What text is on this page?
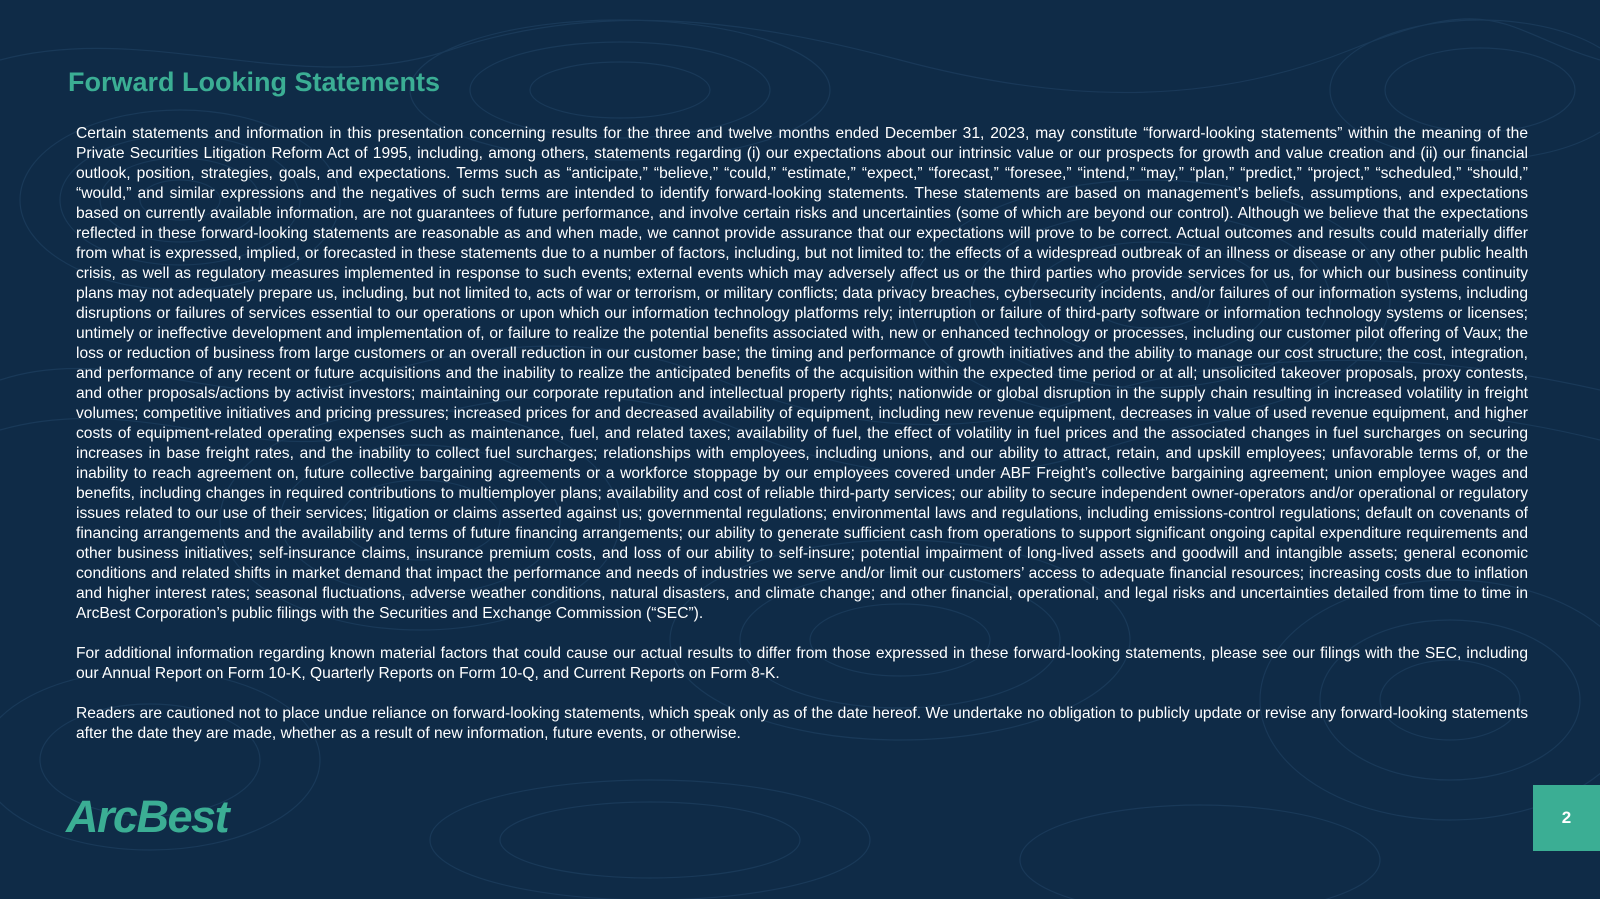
Forward Looking Statements

Certain statements and information in this presentation concerning results for the three and twelve months ended December 31, 2023, may constitute “forward-looking statements” within the meaning of the Private Securities Litigation Reform Act of 1995, including, among others, statements regarding (i) our expectations about our intrinsic value or our prospects for growth and value creation and (ii) our financial outlook, position, strategies, goals, and expectations. Terms such as “anticipate,” “believe,” “could,” “estimate,” “expect,” “forecast,” “foresee,” “intend,” “may,” “plan,” “predict,” “project,” “scheduled,” “should,” “would,” and similar expressions and the negatives of such terms are intended to identify forward-looking statements. These statements are based on management’s beliefs, assumptions, and expectations based on currently available information, are not guarantees of future performance, and involve certain risks and uncertainties (some of which are beyond our control). Although we believe that the expectations reflected in these forward-looking statements are reasonable as and when made, we cannot provide assurance that our expectations will prove to be correct. Actual outcomes and results could materially differ from what is expressed, implied, or forecasted in these statements due to a number of factors, including, but not limited to: the effects of a widespread outbreak of an illness or disease or any other public health crisis, as well as regulatory measures implemented in response to such events; external events which may adversely affect us or the third parties who provide services for us, for which our business continuity plans may not adequately prepare us, including, but not limited to, acts of war or terrorism, or military conflicts; data privacy breaches, cybersecurity incidents, and/or failures of our information systems, including disruptions or failures of services essential to our operations or upon which our information technology platforms rely; interruption or failure of third-party software or information technology systems or licenses; untimely or ineffective development and implementation of, or failure to realize the potential benefits associated with, new or enhanced technology or processes, including our customer pilot offering of Vaux; the loss or reduction of business from large customers or an overall reduction in our customer base; the timing and performance of growth initiatives and the ability to manage our cost structure; the cost, integration, and performance of any recent or future acquisitions and the inability to realize the anticipated benefits of the acquisition within the expected time period or at all; unsolicited takeover proposals, proxy contests, and other proposals/actions by activist investors; maintaining our corporate reputation and intellectual property rights; nationwide or global disruption in the supply chain resulting in increased volatility in freight volumes; competitive initiatives and pricing pressures; increased prices for and decreased availability of equipment, including new revenue equipment, decreases in value of used revenue equipment, and higher costs of equipment-related operating expenses such as maintenance, fuel, and related taxes; availability of fuel, the effect of volatility in fuel prices and the associated changes in fuel surcharges on securing increases in base freight rates, and the inability to collect fuel surcharges; relationships with employees, including unions, and our ability to attract, retain, and upskill employees; unfavorable terms of, or the inability to reach agreement on, future collective bargaining agreements or a workforce stoppage by our employees covered under ABF Freight’s collective bargaining agreement; union employee wages and benefits, including changes in required contributions to multiemployer plans; availability and cost of reliable third-party services; our ability to secure independent owner-operators and/or operational or regulatory issues related to our use of their services; litigation or claims asserted against us; governmental regulations; environmental laws and regulations, including emissions-control regulations; default on covenants of financing arrangements and the availability and terms of future financing arrangements; our ability to generate sufficient cash from operations to support significant ongoing capital expenditure requirements and other business initiatives; self-insurance claims, insurance premium costs, and loss of our ability to self-insure; potential impairment of long-lived assets and goodwill and intangible assets; general economic conditions and related shifts in market demand that impact the performance and needs of industries we serve and/or limit our customers’ access to adequate financial resources; increasing costs due to inflation and higher interest rates; seasonal fluctuations, adverse weather conditions, natural disasters, and climate change; and other financial, operational, and legal risks and uncertainties detailed from time to time in ArcBest Corporation’s public filings with the Securities and Exchange Commission (“SEC”).

For additional information regarding known material factors that could cause our actual results to differ from those expressed in these forward-looking statements, please see our filings with the SEC, including our Annual Report on Form 10-K, Quarterly Reports on Form 10-Q, and Current Reports on Form 8-K.

Readers are cautioned not to place undue reliance on forward-looking statements, which speak only as of the date hereof. We undertake no obligation to publicly update or revise any forward-looking statements after the date they are made, whether as a result of new information, future events, or otherwise.

ArcBest	2
